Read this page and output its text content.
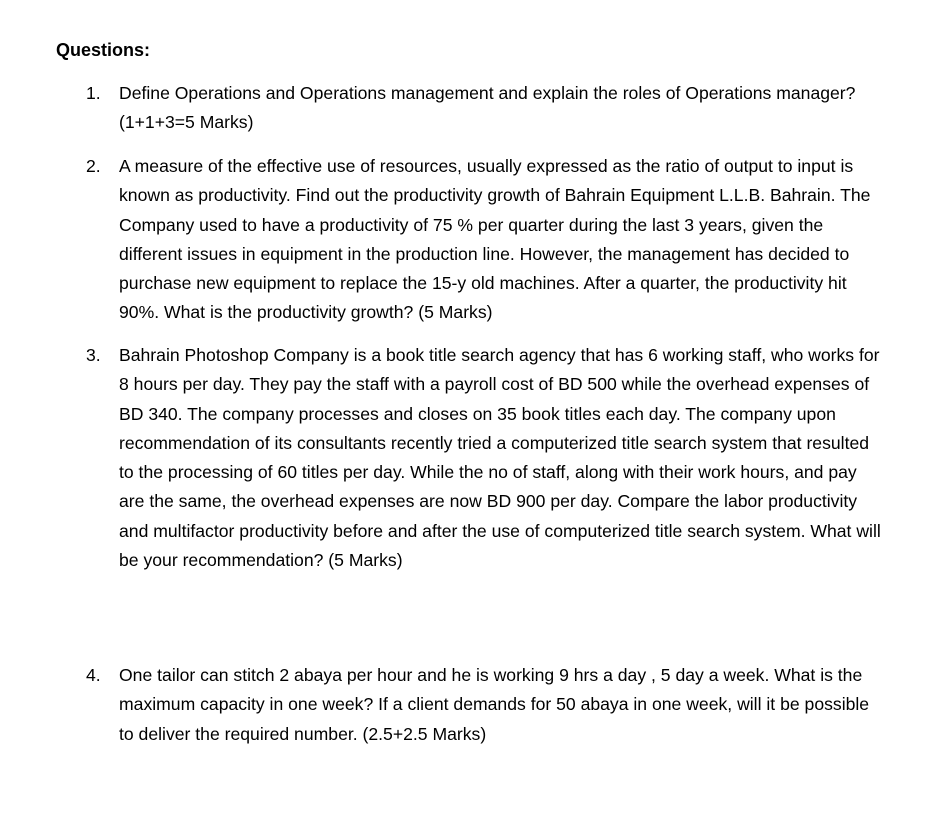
Questions:
1.	Define Operations and Operations management and explain the roles of Operations manager? (1+1+3=5 Marks)
2.	A measure of the effective use of resources, usually expressed as the ratio of output to input is known as productivity. Find out the productivity growth of Bahrain Equipment L.L.B. Bahrain. The Company used to have a productivity of 75 % per quarter during the last 3 years, given the different issues in equipment in the production line. However, the management has decided to purchase new equipment to replace the 15-y old machines. After a quarter, the productivity hit 90%. What is the productivity growth? (5 Marks)
3.	Bahrain Photoshop Company is a book title search agency that has 6 working staff, who works for 8 hours per day. They pay the staff with a payroll cost of BD 500 while the overhead expenses of BD 340. The company processes and closes on 35 book titles each day. The company upon recommendation of its consultants recently tried a computerized title search system that resulted to the processing of 60 titles per day. While the no of staff, along with their work hours, and pay are the same, the overhead expenses are now BD 900 per day. Compare the labor productivity and multifactor productivity before and after the use of computerized title search system. What will be your recommendation? (5 Marks)
4.	One tailor can stitch 2 abaya per hour and he is working 9 hrs a day , 5 day a week. What is the maximum capacity in one week? If a client demands for 50 abaya in one week, will it be possible to deliver the required number. (2.5+2.5 Marks)
